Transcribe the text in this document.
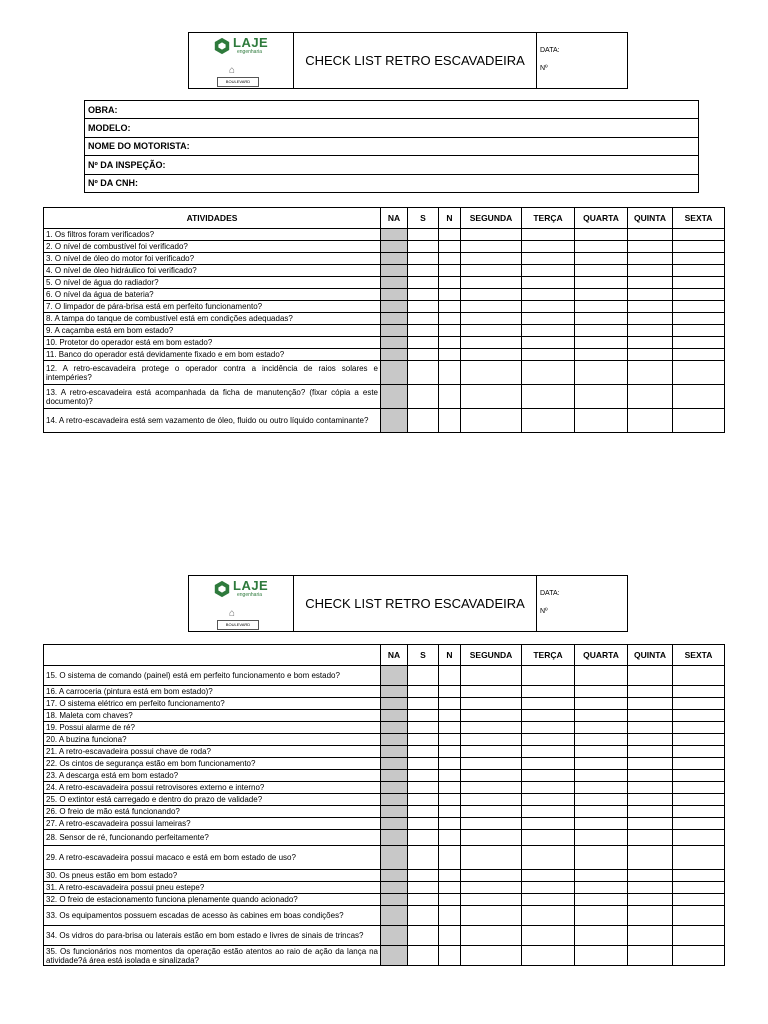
LAJE
engenharia
⌂
BOULEVARD
CHECK LIST RETRO ESCAVADEIRA
DATA:
Nº
OBRA:
MODELO:
NOME DO MOTORISTA:
Nº DA INSPEÇÃO:
Nº DA CNH:
ATIVIDADES	NA	S	N	SEGUNDA	TERÇA	QUARTA	QUINTA	SEXTA
1. Os filtros foram verificados?								
2. O nível de combustível foi verificado?								
3. O nível de óleo do motor foi verificado?								
4. O nível de óleo hidráulico foi verificado?								
5. O nível de água do radiador?								
6. O nível da água de bateria?								
7. O limpador de pára-brisa está em perfeito funcionamento?								
8. A tampa do tanque de combustível está em condições adequadas?								
9. A caçamba está em bom estado?								
10. Protetor do operador está em bom estado?								
11. Banco do operador está devidamente fixado e em bom estado?								
12. A retro-escavadeira protege o operador contra a incidência de raios solares e intempéries?								
13. A retro-escavadeira está acompanhada da ficha de manutenção? (fixar cópia a este documento)?								
14. A retro-escavadeira está sem vazamento de óleo, fluido ou outro líquido contaminante?								
LAJE
engenharia
⌂
BOULEVARD
CHECK LIST RETRO ESCAVADEIRA
DATA:
Nº
	NA	S	N	SEGUNDA	TERÇA	QUARTA	QUINTA	SEXTA
15. O sistema de comando (painel) está em perfeito funcionamento e bom estado?								
16. A carroceria (pintura está em bom estado)?								
17. O sistema elétrico em perfeito funcionamento?								
18. Maleta com chaves?								
19. Possui alarme de ré?								
20. A buzina funciona?								
21. A retro-escavadeira possui chave de roda?								
22. Os cintos de segurança estão em bom funcionamento?								
23. A descarga está em bom estado?								
24. A retro-escavadeira possui retrovisores externo e interno?								
25. O extintor está carregado e dentro do prazo de validade?								
26. O freio de mão está funcionando?								
27. A retro-escavadeira possui lameiras?								
28. Sensor de ré, funcionando perfeitamente?								
29. A retro-escavadeira possui macaco e está em bom estado de uso?								
30. Os pneus estão em bom estado?								
31. A retro-escavadeira possui pneu estepe?								
32. O freio de estacionamento funciona plenamente quando acionado?								
33. Os equipamentos possuem escadas de acesso às cabines em boas condições?								
34. Os vidros do para-brisa ou laterais estão em bom estado e livres de sinais de trincas?								
35. Os funcionários nos momentos da operação estão atentos ao raio de ação da lança na atividade?á área está isolada e sinalizada?								
